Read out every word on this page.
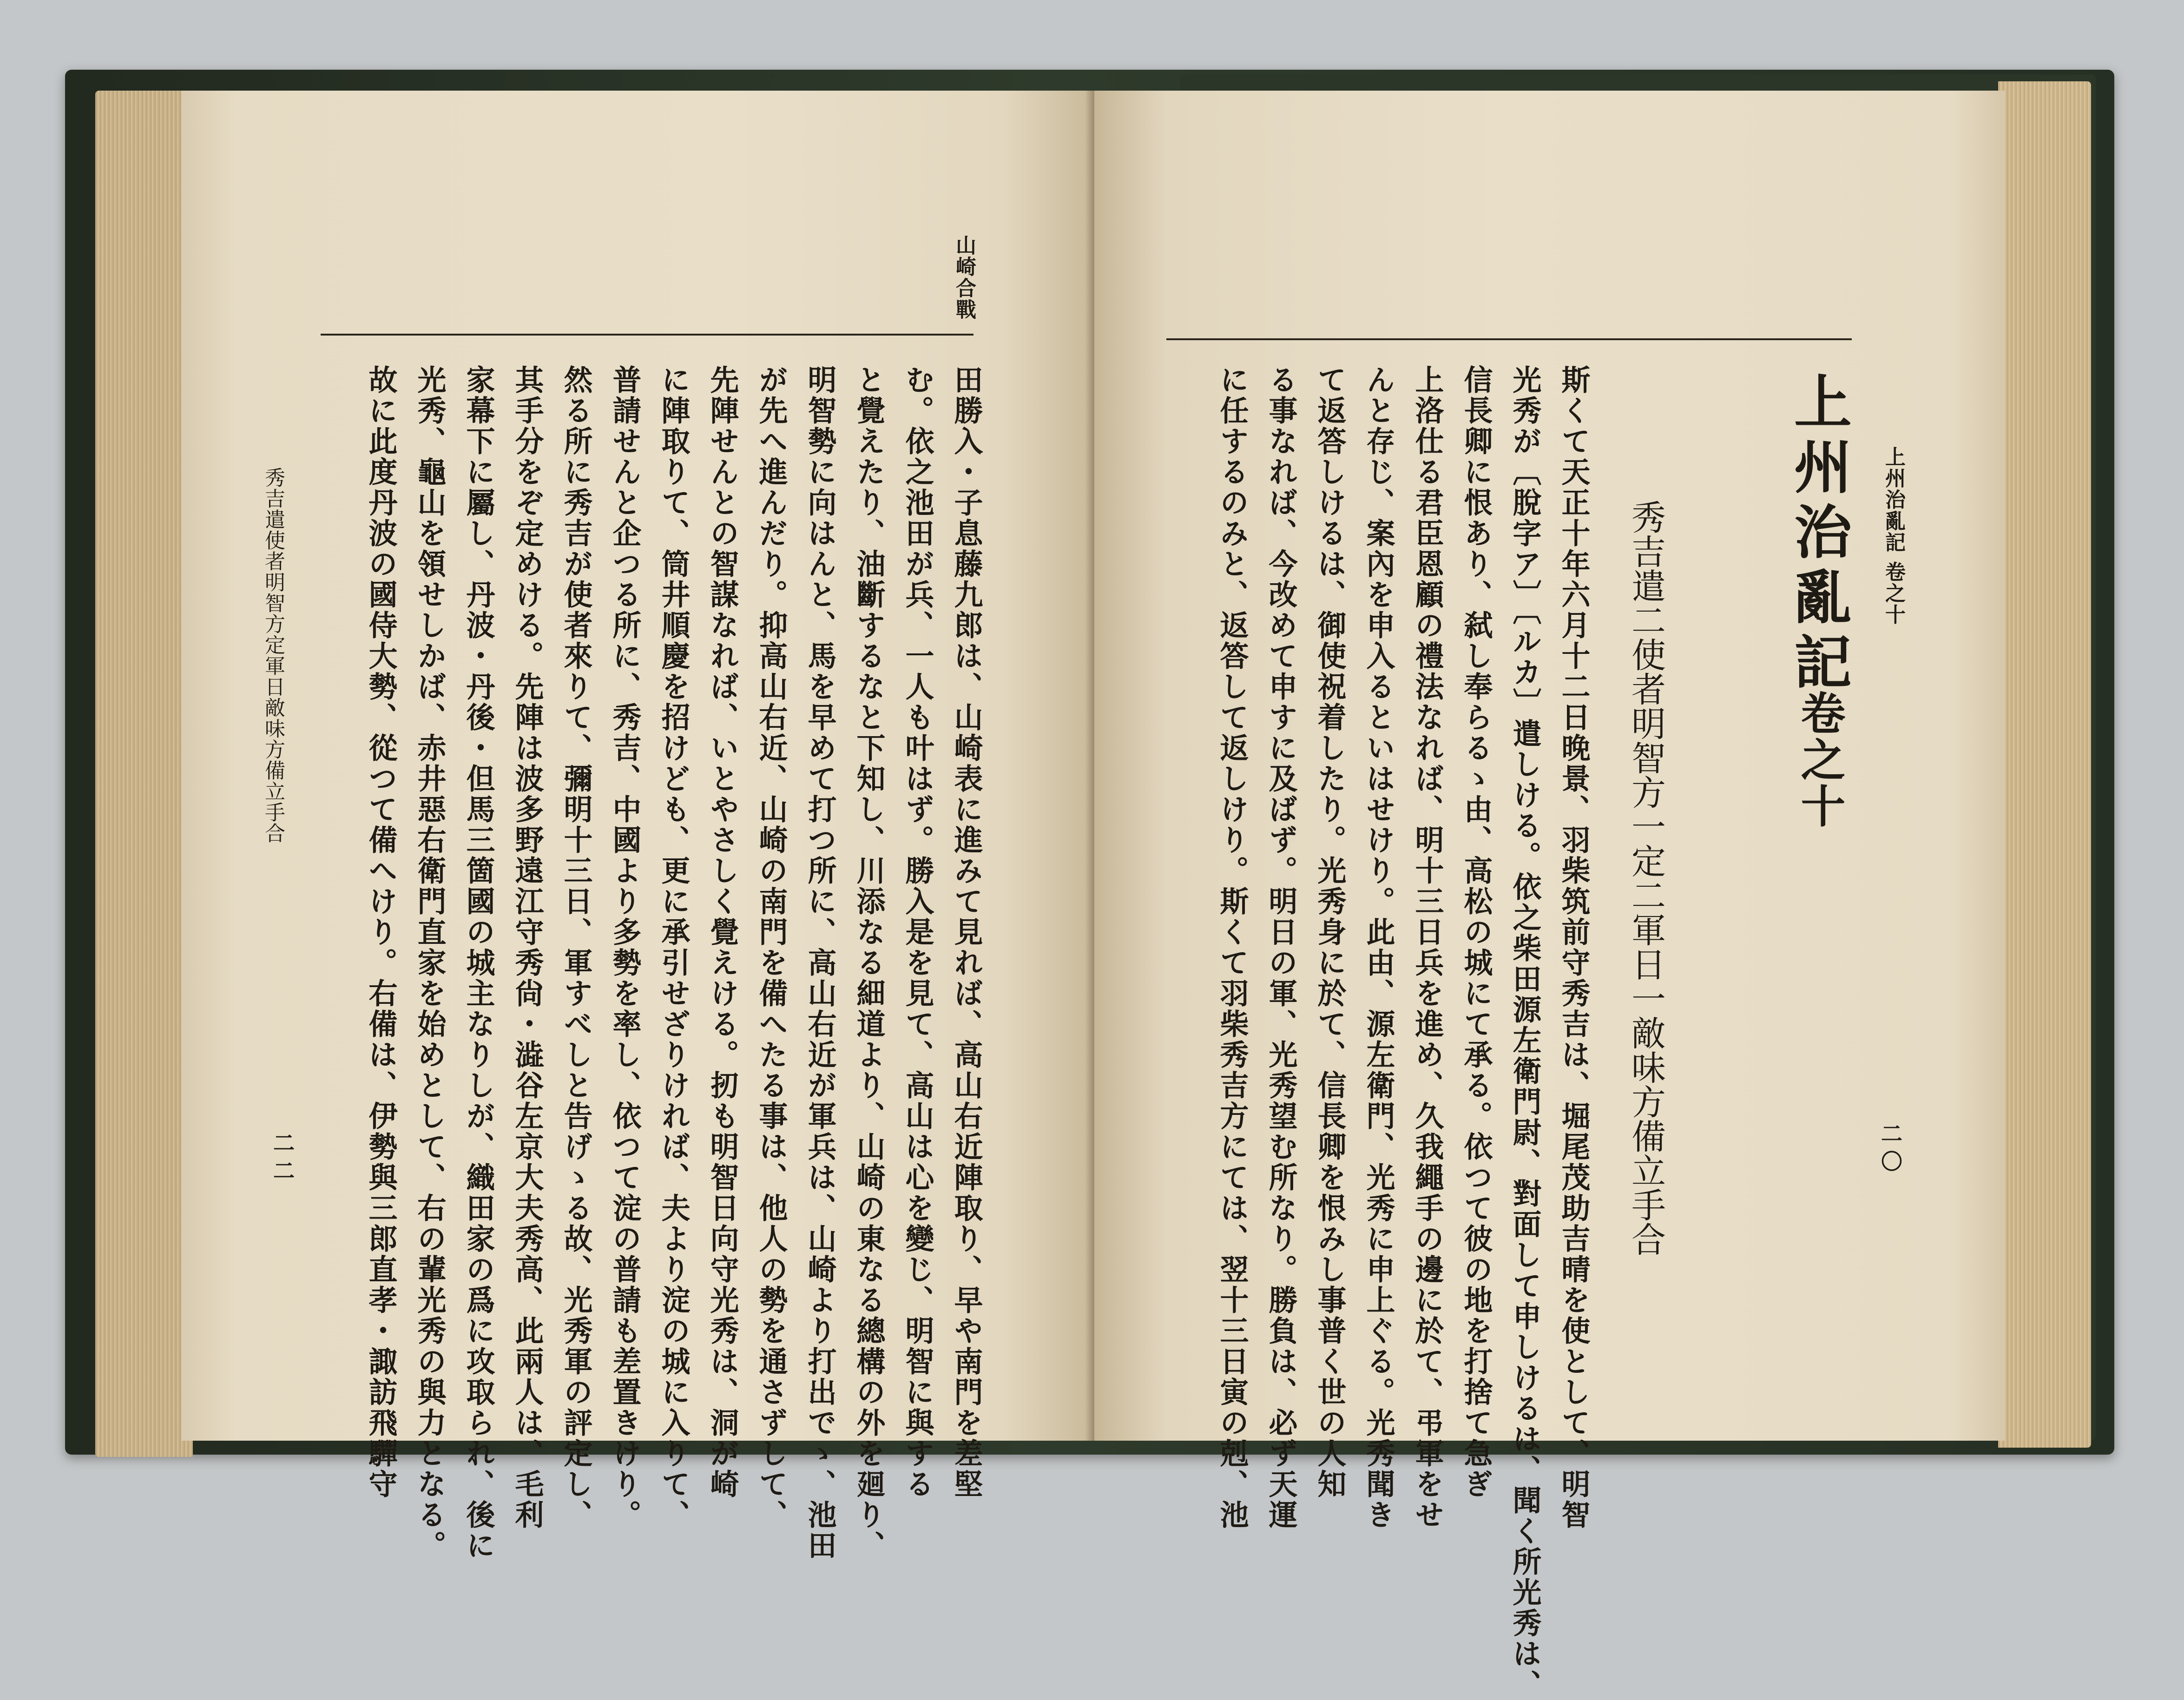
山崎合戰
田勝入・子息藤九郎は、山崎表に進みて見れば、高山右近陣取り、早や南門を差堅
む。依之池田が兵、一人も叶はず。勝入是を見て、高山は心を變じ、明智に與する
と覺えたり、油斷するなと下知し、川添なる細道より、山崎の東なる總構の外を廻り、
明智勢に向はんと、馬を早めて打つ所に、高山右近が軍兵は、山崎より打出でゝ、池田
が先へ進んだり。抑高山右近、山崎の南門を備へたる事は、他人の勢を通さずして、
先陣せんとの智謀なれば、いとやさしく覺えける。扨も明智日向守光秀は、洞が崎
に陣取りて、筒井順慶を招けども、更に承引せざりければ、夫より淀の城に入りて、
普請せんと企つる所に、秀吉、中國より多勢を率し、依つて淀の普請も差置きけり。
然る所に秀吉が使者來りて、彌明十三日、軍すべしと告げゝる故、光秀軍の評定し、
其手分をぞ定めける。先陣は波多野遠江守秀尙・澁谷左京大夫秀高、此兩人は、毛利
家幕下に屬し、丹波・丹後・但馬三箇國の城主なりしが、織田家の爲に攻取られ、後に
光秀、龜山を領せしかば、赤井惡右衛門直家を始めとして、右の輩光秀の與力となる。
故に此度丹波の國侍大勢、從つて備へけり。右備は、伊勢與三郎直孝・諏訪飛驒守
秀吉遣使者明智方定軍日敵味方備立手合
二二
上州治亂記 卷之十
上州治亂記
卷之十
秀吉遣二使者明智方一定二軍日一敵味方備立手合
斯くて天正十年六月十二日晚景、羽柴筑前守秀吉は、堀尾茂助吉晴を使として、明智
光秀が〔脫字ア〕〔ルカ〕遣しける。依之柴田源左衛門尉、對面して申しけるは、聞く所光秀は、
信長卿に恨あり、弑し奉らるゝ由、高松の城にて承る。依つて彼の地を打捨て急ぎ
上洛仕る君臣恩顧の禮法なれば、明十三日兵を進め、久我繩手の邊に於て、弔軍をせ
んと存じ、案內を申入るといはせけり。此由、源左衛門、光秀に申上ぐる。光秀聞き
て返答しけるは、御使祝着したり。光秀身に於て、信長卿を恨みし事普く世の人知
る事なれば、今改めて申すに及ばず。明日の軍、光秀望む所なり。勝負は、必ず天運
に任するのみと、返答して返しけり。斯くて羽柴秀吉方にては、翌十三日寅の剋、池	二〇
